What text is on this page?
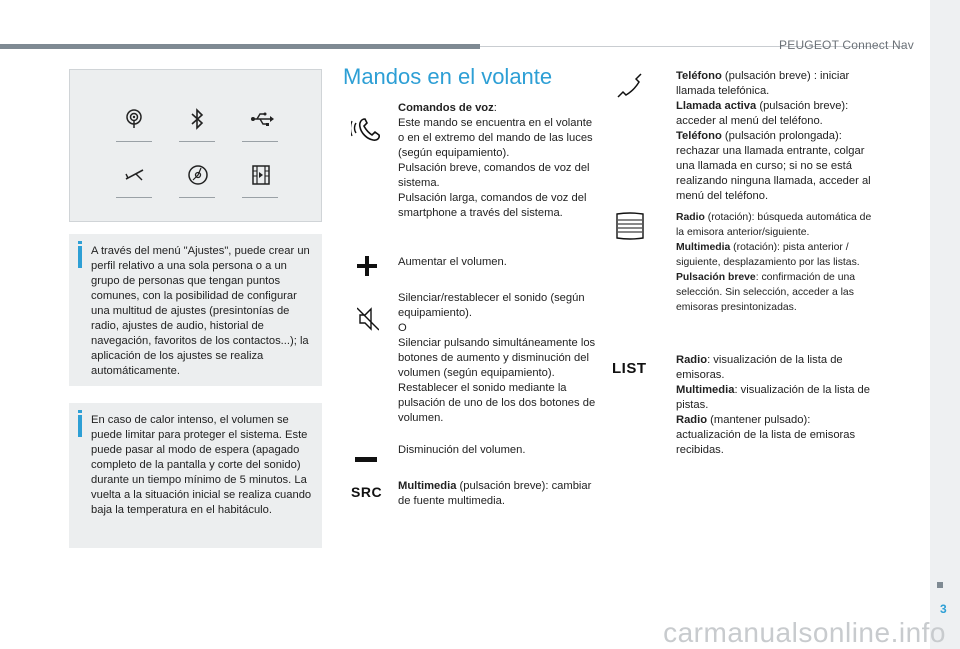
PEUGEOT Connect Nav
3
carmanualsonline.info
A través del menú "Ajustes", puede crear un perfil relativo a una sola persona o a un grupo de personas que tengan puntos comunes, con la posibilidad de configurar una multitud de ajustes (presintonías de radio, ajustes de audio, historial de navegación, favoritos de los contactos...); la aplicación de los ajustes se realiza automáticamente.
En caso de calor intenso, el volumen se puede limitar para proteger el sistema. Este puede pasar al modo de espera (apagado completo de la pantalla y corte del sonido) durante un tiempo mínimo de 5 minutos. La vuelta a la situación inicial se realiza cuando baja la temperatura en el habitáculo.
Mandos en el volante
Comandos de voz:
Este mando se encuentra en el volante o en el extremo del mando de las luces (según equipamiento).
Pulsación breve, comandos de voz del sistema.
Pulsación larga, comandos de voz del smartphone a través del sistema.
Aumentar el volumen.
Silenciar/restablecer el sonido (según equipamiento).
O
Silenciar pulsando simultáneamente los botones de aumento y disminución del volumen (según equipamiento).
Restablecer el sonido mediante la pulsación de uno de los dos botones de volumen.
Disminución del volumen.
SRC Multimedia (pulsación breve): cambiar de fuente multimedia.
Teléfono (pulsación breve) : iniciar llamada telefónica.
Llamada activa (pulsación breve): acceder al menú del teléfono.
Teléfono (pulsación prolongada): rechazar una llamada entrante, colgar una llamada en curso; si no se está realizando ninguna llamada, acceder al menú del teléfono.
Radio (rotación): búsqueda automática de la emisora anterior/siguiente.
Multimedia (rotación): pista anterior / siguiente, desplazamiento por las listas.
Pulsación breve: confirmación de una selección. Sin selección, acceder a las emisoras presintonizadas.
LIST	Radio: visualización de la lista de emisoras.
Multimedia: visualización de la lista de pistas.
Radio (mantener pulsado): actualización de la lista de emisoras recibidas.
